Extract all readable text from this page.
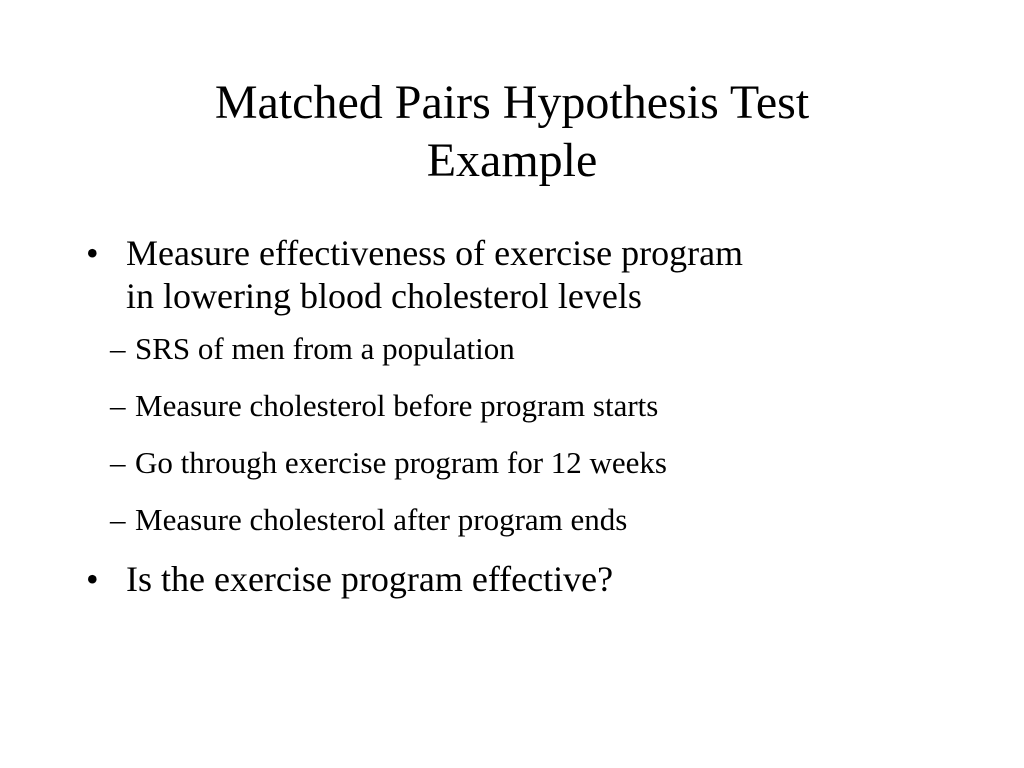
Matched Pairs Hypothesis Test
Example
• Measure effectiveness of exercise program
in lowering blood cholesterol levels
– SRS of men from a population
– Measure cholesterol before program starts
– Go through exercise program for 12 weeks
– Measure cholesterol after program ends
• Is the exercise program effective?
